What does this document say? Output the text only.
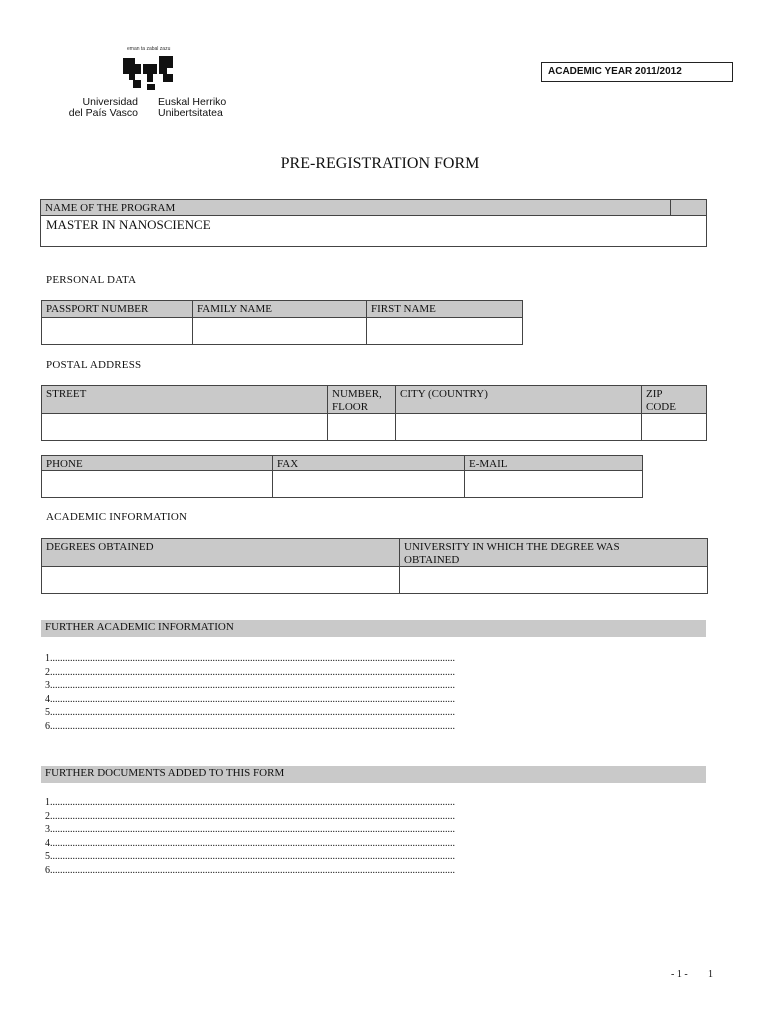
eman ta zabal zazu
Universidad
del País Vasco
Euskal Herriko
Unibertsitatea
ACADEMIC YEAR 2011/2012
PRE-REGISTRATION FORM
NAME OF THE PROGRAM
MASTER IN NANOSCIENCE
PERSONAL DATA
PASSPORT NUMBER	FAMILY NAME	FIRST NAME
POSTAL ADDRESS
STREET	NUMBER,
FLOOR
CITY (COUNTRY)	ZIP
CODE
PHONE	FAX	E-MAIL
ACADEMIC INFORMATION
DEGREES OBTAINED	UNIVERSITY IN WHICH THE DEGREE WAS
OBTAINED
FURTHER ACADEMIC INFORMATION
1..................................................................................................................................................................
2..................................................................................................................................................................
3..................................................................................................................................................................
4..................................................................................................................................................................
5..................................................................................................................................................................
6..................................................................................................................................................................
FURTHER DOCUMENTS ADDED TO THIS FORM
1..................................................................................................................................................................
2..................................................................................................................................................................
3..................................................................................................................................................................
4..................................................................................................................................................................
5..................................................................................................................................................................
6..................................................................................................................................................................
- 1 - 1
